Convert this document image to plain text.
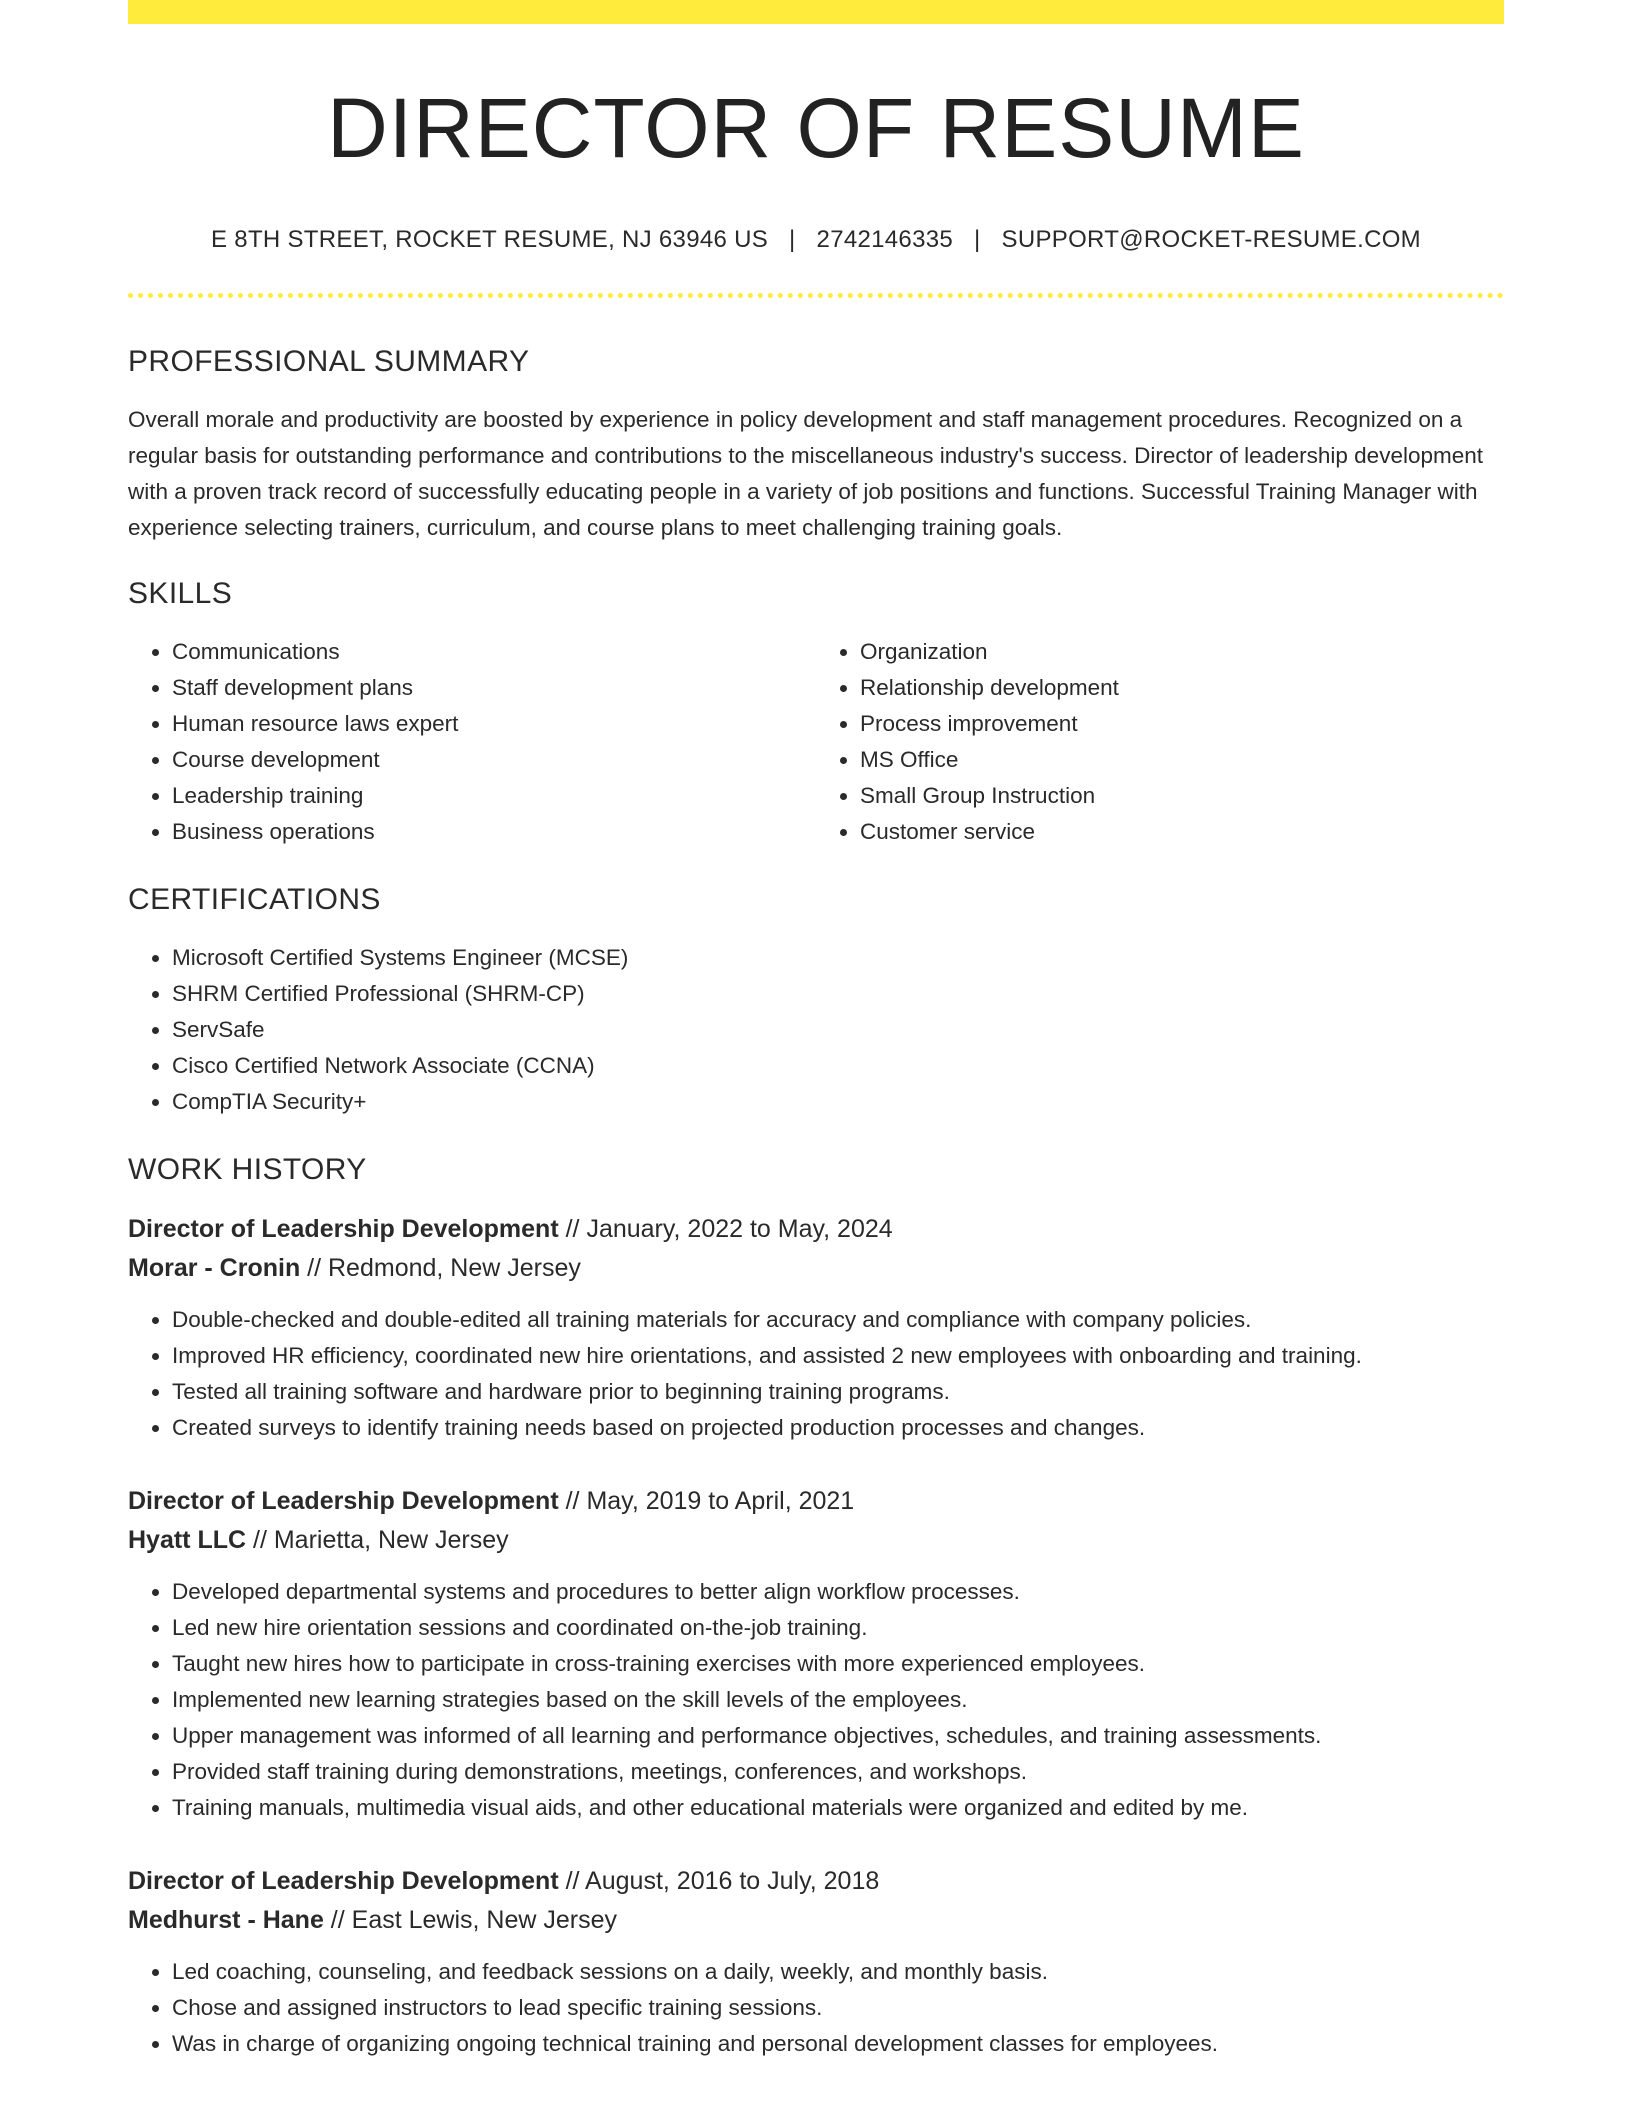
DIRECTOR OF RESUME
E 8TH STREET, ROCKET RESUME, NJ 63946 US | 2742146335 | SUPPORT@ROCKET-RESUME.COM
PROFESSIONAL SUMMARY

Overall morale and productivity are boosted by experience in policy development and staff management procedures. Recognized on a regular basis for outstanding performance and contributions to the miscellaneous industry's success. Director of leadership development with a proven track record of successfully educating people in a variety of job positions and functions. Successful Training Manager with experience selecting trainers, curriculum, and course plans to meet challenging training goals.

SKILLS
• Communications
• Staff development plans
• Human resource laws expert
• Course development
• Leadership training
• Business operations
• Organization
• Relationship development
• Process improvement
• MS Office
• Small Group Instruction
• Customer service
CERTIFICATIONS
• Microsoft Certified Systems Engineer (MCSE)
• SHRM Certified Professional (SHRM-CP)
• ServSafe
• Cisco Certified Network Associate (CCNA)
• CompTIA Security+
WORK HISTORY
Director of Leadership Development // January, 2022 to May, 2024
Morar - Cronin // Redmond, New Jersey
• Double-checked and double-edited all training materials for accuracy and compliance with company policies.
• Improved HR efficiency, coordinated new hire orientations, and assisted 2 new employees with onboarding and training.
• Tested all training software and hardware prior to beginning training programs.
• Created surveys to identify training needs based on projected production processes and changes.
Director of Leadership Development // May, 2019 to April, 2021
Hyatt LLC // Marietta, New Jersey
• Developed departmental systems and procedures to better align workflow processes.
• Led new hire orientation sessions and coordinated on-the-job training.
• Taught new hires how to participate in cross-training exercises with more experienced employees.
• Implemented new learning strategies based on the skill levels of the employees.
• Upper management was informed of all learning and performance objectives, schedules, and training assessments.
• Provided staff training during demonstrations, meetings, conferences, and workshops.
• Training manuals, multimedia visual aids, and other educational materials were organized and edited by me.
Director of Leadership Development // August, 2016 to July, 2018
Medhurst - Hane // East Lewis, New Jersey
• Led coaching, counseling, and feedback sessions on a daily, weekly, and monthly basis.
• Chose and assigned instructors to lead specific training sessions.
• Was in charge of organizing ongoing technical training and personal development classes for employees.
